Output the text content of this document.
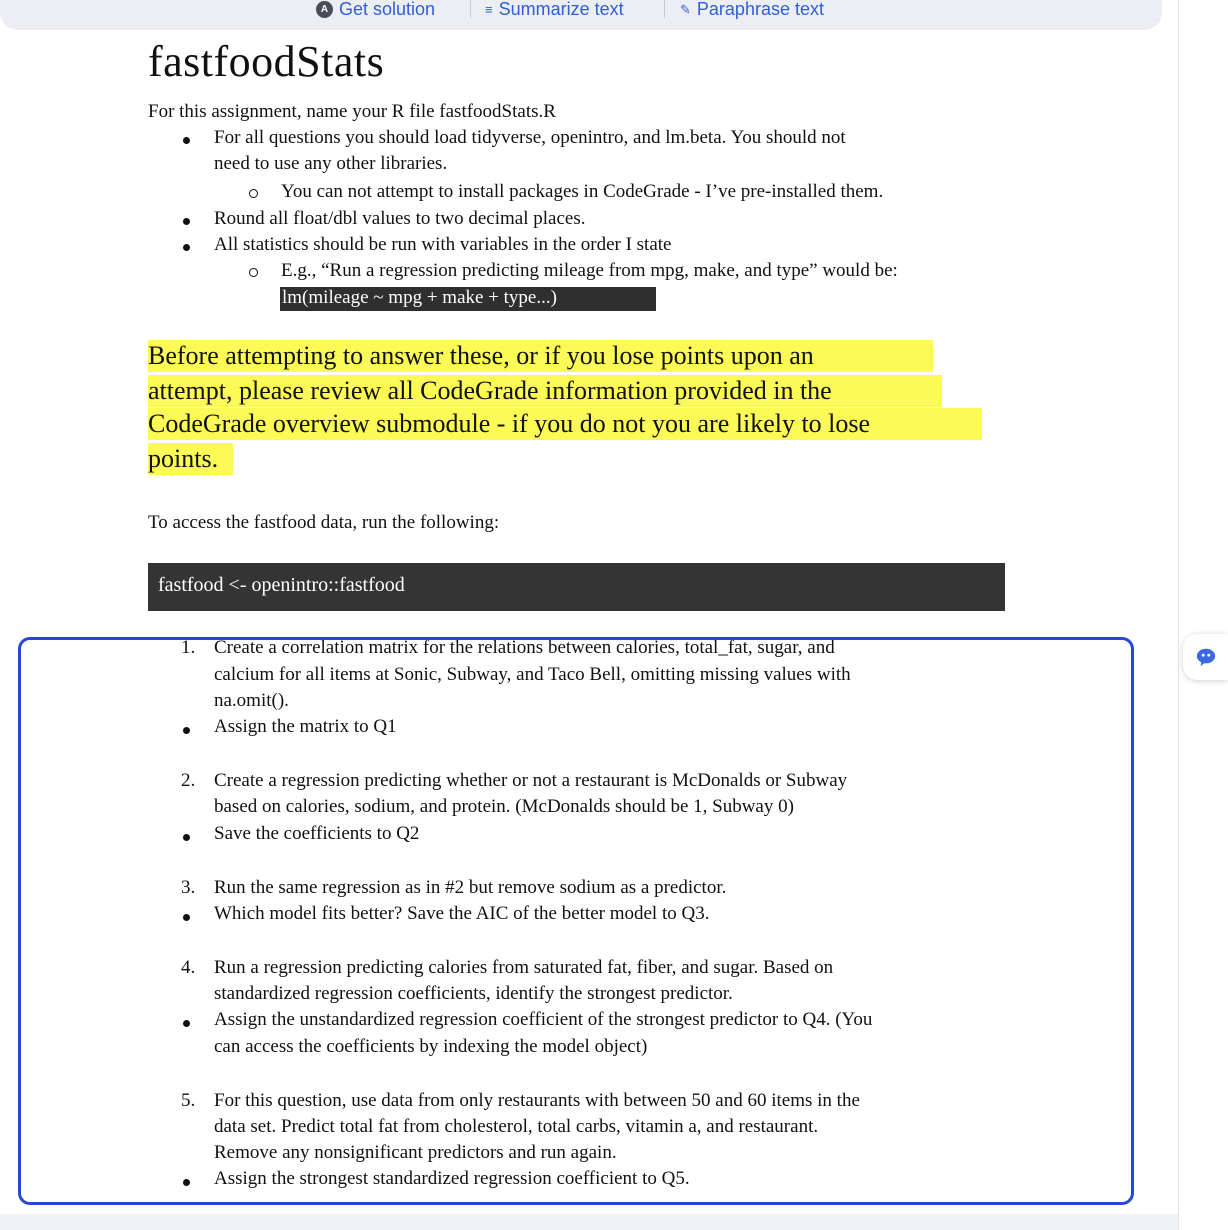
A Get solution	≡ Summarize text	✎ Paraphrase text
fastfoodStats
For this assignment, name your R file fastfoodStats.R
For all questions you should load tidyverse, openintro, and lm.beta. You should not
need to use any other libraries.
You can not attempt to install packages in CodeGrade - I’ve pre-installed them.
Round all float/dbl values to two decimal places.
All statistics should be run with variables in the order I state
E.g., “Run a regression predicting mileage from mpg, make, and type” would be:
lm(mileage ~ mpg + make + type...)
Before attempting to answer these, or if you lose points upon an
attempt, please review all CodeGrade information provided in the
CodeGrade overview submodule - if you do not you are likely to lose
points.
To access the fastfood data, run the following:
fastfood <- openintro::fastfood
1. Create a correlation matrix for the relations between calories, total_fat, sugar, and
calcium for all items at Sonic, Subway, and Taco Bell, omitting missing values with
na.omit().
Assign the matrix to Q1
2. Create a regression predicting whether or not a restaurant is McDonalds or Subway
based on calories, sodium, and protein. (McDonalds should be 1, Subway 0)
Save the coefficients to Q2
3. Run the same regression as in #2 but remove sodium as a predictor.
Which model fits better? Save the AIC of the better model to Q3.
4. Run a regression predicting calories from saturated fat, fiber, and sugar. Based on
standardized regression coefficients, identify the strongest predictor.
Assign the unstandardized regression coefficient of the strongest predictor to Q4. (You
can access the coefficients by indexing the model object)
5. For this question, use data from only restaurants with between 50 and 60 items in the
data set. Predict total fat from cholesterol, total carbs, vitamin a, and restaurant.
Remove any nonsignificant predictors and run again.
Assign the strongest standardized regression coefficient to Q5.
